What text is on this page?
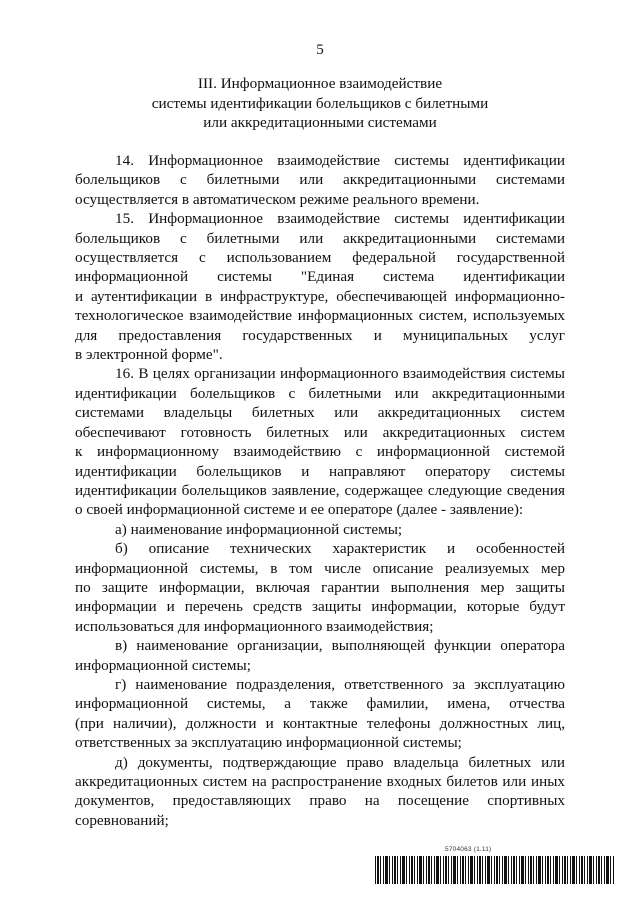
5
III. Информационное взаимодействие
системы идентификации болельщиков с билетными
или аккредитационными системами
14. Информационное взаимодействие системы идентификации
болельщиков с билетными или аккредитационными системами
осуществляется в автоматическом режиме реального времени.
15. Информационное взаимодействие системы идентификации
болельщиков с билетными или аккредитационными системами
осуществляется с использованием федеральной государственной
информационной системы "Единая система идентификации
и аутентификации в инфраструктуре, обеспечивающей информационно-
технологическое взаимодействие информационных систем, используемых
для предоставления государственных и муниципальных услуг
в электронной форме".
16. В целях организации информационного взаимодействия системы
идентификации болельщиков с билетными или аккредитационными
системами владельцы билетных или аккредитационных систем
обеспечивают готовность билетных или аккредитационных систем
к информационному взаимодействию с информационной системой
идентификации болельщиков и направляют оператору системы
идентификации болельщиков заявление, содержащее следующие сведения
о своей информационной системе и ее операторе (далее - заявление):
а) наименование информационной системы;
б) описание технических характеристик и особенностей
информационной системы, в том числе описание реализуемых мер
по защите информации, включая гарантии выполнения мер защиты
информации и перечень средств защиты информации, которые будут
использоваться для информационного взаимодействия;
в) наименование организации, выполняющей функции оператора
информационной системы;
г) наименование подразделения, ответственного за эксплуатацию
информационной системы, а также фамилии, имена, отчества
(при наличии), должности и контактные телефоны должностных лиц,
ответственных за эксплуатацию информационной системы;
д) документы, подтверждающие право владельца билетных или
аккредитационных систем на распространение входных билетов или иных
документов, предоставляющих право на посещение спортивных
соревнований;
5704063 (1.11)
